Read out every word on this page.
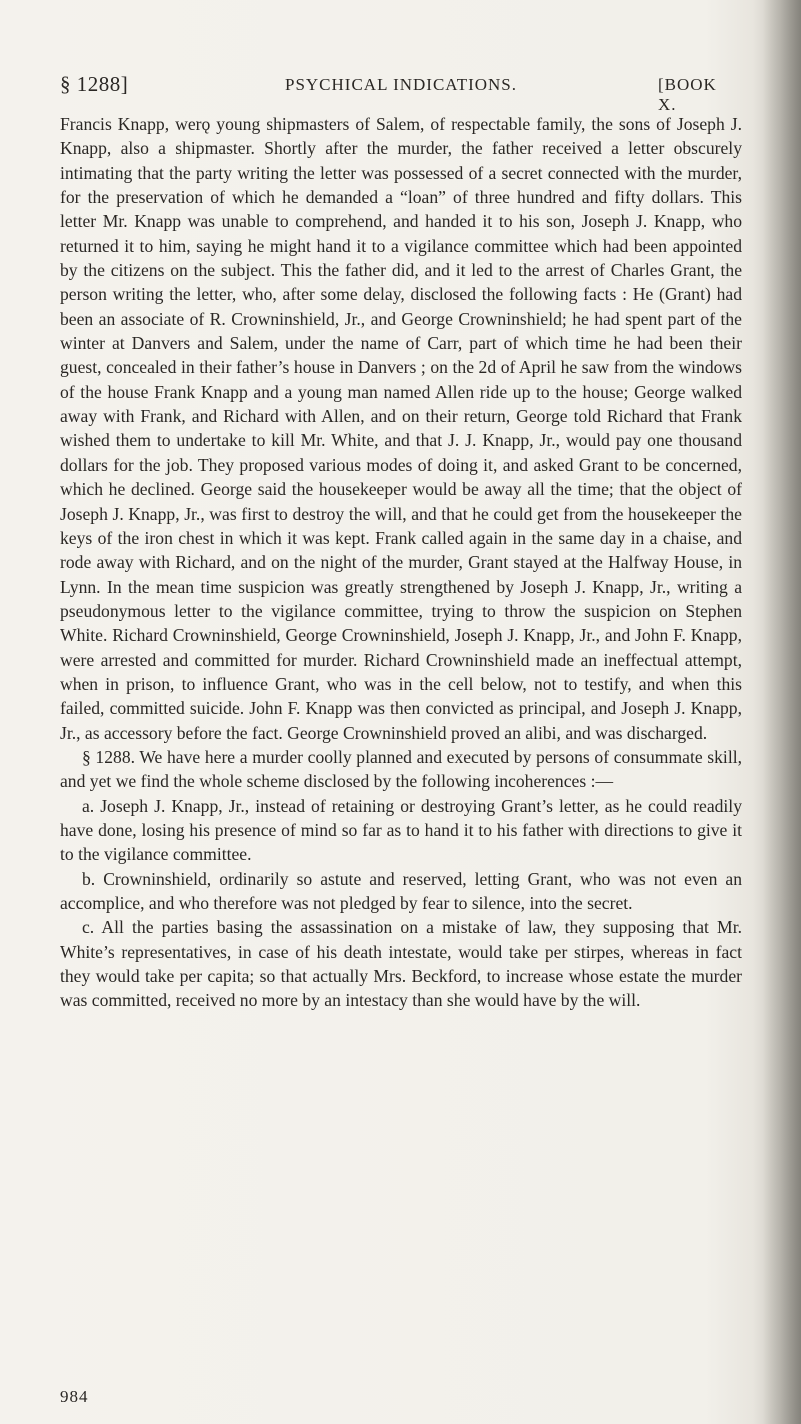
§ 1288]	PSYCHICAL INDICATIONS.	[BOOK X.

Francis Knapp, werǫ young shipmasters of Salem, of respectable family, the sons of Joseph J. Knapp, also a shipmaster. Shortly after the murder, the father received a letter obscurely intimating that the party writing the letter was possessed of a secret connected with the murder, for the preservation of which he demanded a “loan” of three hundred and fifty dollars. This letter Mr. Knapp was unable to comprehend, and handed it to his son, Joseph J. Knapp, who returned it to him, saying he might hand it to a vigilance committee which had been appointed by the citizens on the subject. This the father did, and it led to the arrest of Charles Grant, the person writing the letter, who, after some delay, disclosed the following facts : He (Grant) had been an associate of R. Crowninshield, Jr., and George Crowninshield; he had spent part of the winter at Danvers and Salem, under the name of Carr, part of which time he had been their guest, concealed in their father’s house in Danvers ; on the 2d of April he saw from the windows of the house Frank Knapp and a young man named Allen ride up to the house; George walked away with Frank, and Richard with Allen, and on their return, George told Richard that Frank wished them to undertake to kill Mr. White, and that J. J. Knapp, Jr., would pay one thousand dollars for the job. They proposed various modes of doing it, and asked Grant to be concerned, which he declined. George said the housekeeper would be away all the time; that the object of Joseph J. Knapp, Jr., was first to destroy the will, and that he could get from the housekeeper the keys of the iron chest in which it was kept. Frank called again in the same day in a chaise, and rode away with Richard, and on the night of the murder, Grant stayed at the Halfway House, in Lynn. In the mean time suspicion was greatly strengthened by Joseph J. Knapp, Jr., writing a pseudonymous letter to the vigilance committee, trying to throw the suspicion on Stephen White. Richard Crowninshield, George Crowninshield, Joseph J. Knapp, Jr., and John F. Knapp, were arrested and committed for murder. Richard Crowninshield made an ineffectual attempt, when in prison, to influence Grant, who was in the cell below, not to testify, and when this failed, committed suicide. John F. Knapp was then convicted as principal, and Joseph J. Knapp, Jr., as accessory before the fact. George Crowninshield proved an alibi, and was discharged.

§ 1288. We have here a murder coolly planned and executed by persons of consummate skill, and yet we find the whole scheme disclosed by the following incoherences :—

a. Joseph J. Knapp, Jr., instead of retaining or destroying Grant’s letter, as he could readily have done, losing his presence of mind so far as to hand it to his father with directions to give it to the vigilance committee.

b. Crowninshield, ordinarily so astute and reserved, letting Grant, who was not even an accomplice, and who therefore was not pledged by fear to silence, into the secret.

c. All the parties basing the assassination on a mistake of law, they supposing that Mr. White’s representatives, in case of his death intestate, would take per stirpes, whereas in fact they would take per capita; so that actually Mrs. Beckford, to increase whose estate the murder was committed, received no more by an intestacy than she would have by the will.

984
